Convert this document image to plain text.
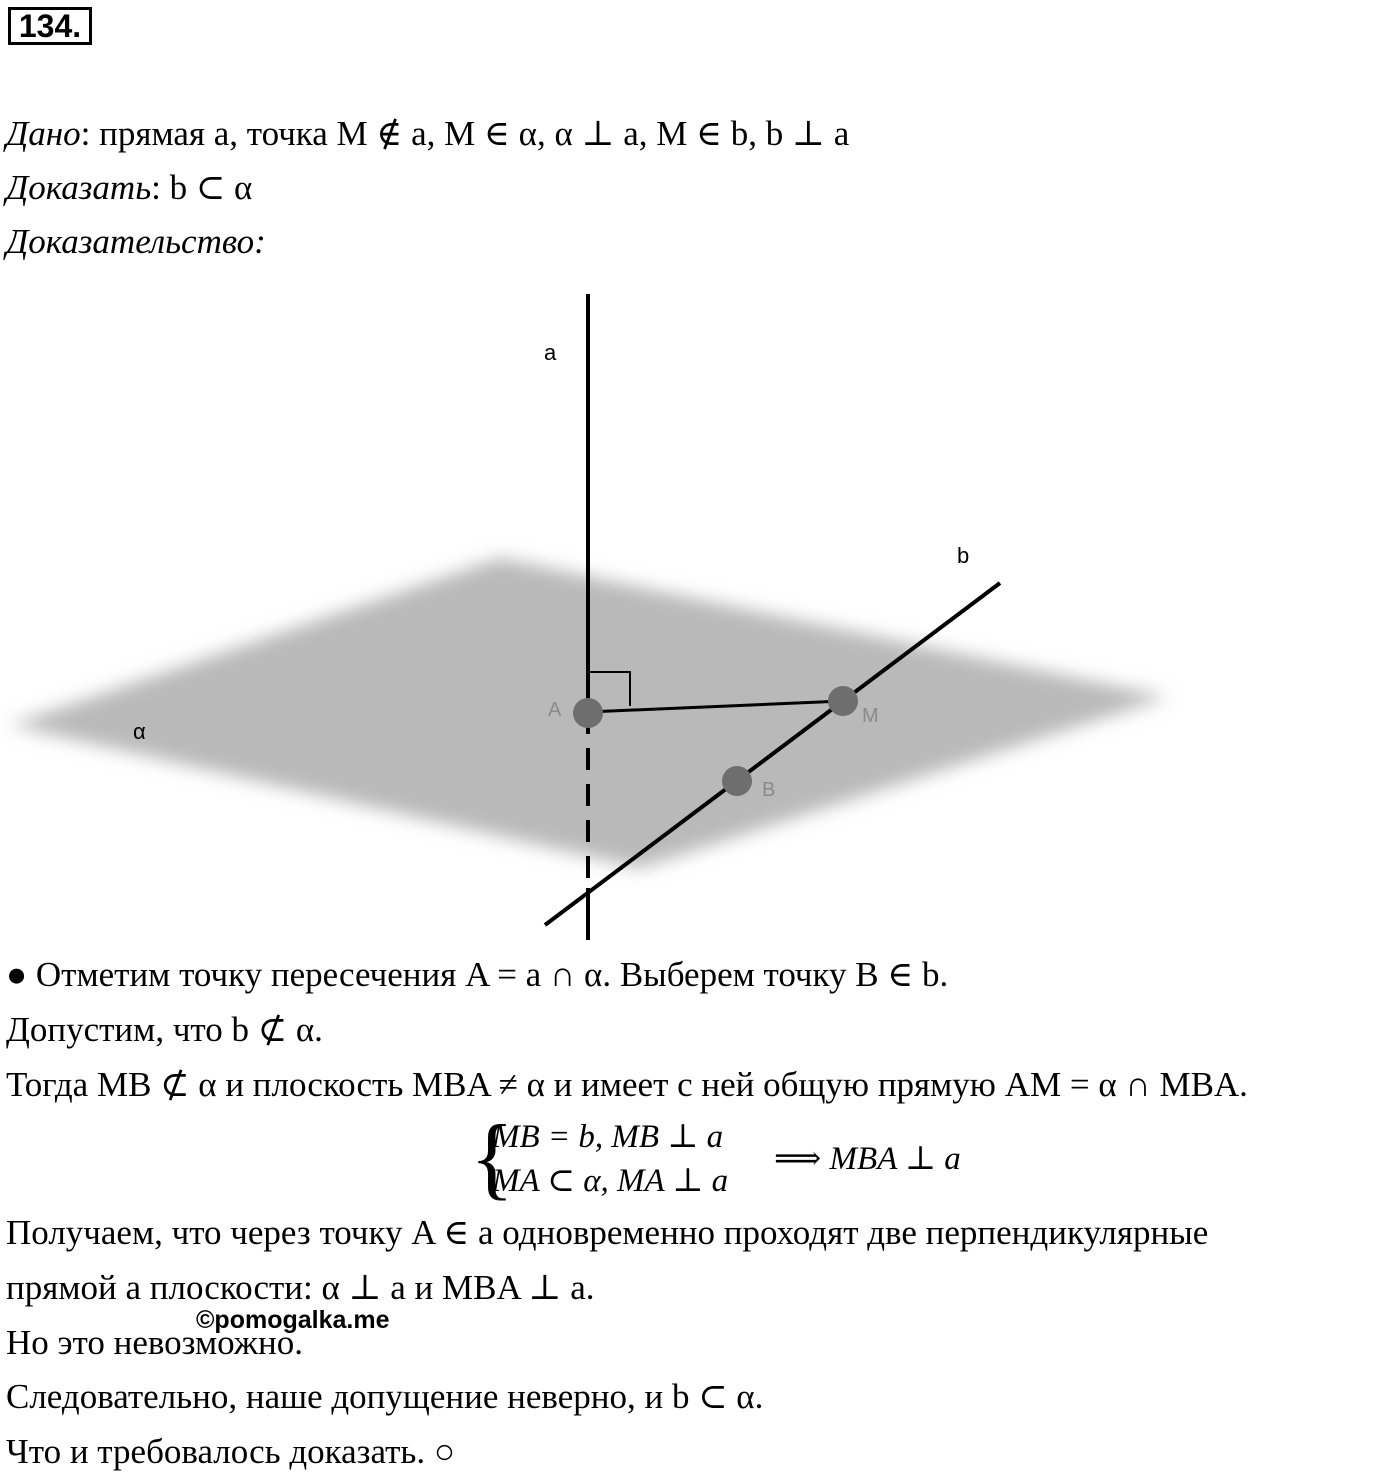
134.
Дано: прямая a, точка M ∉ a, M ∈ α, α ⊥ a, M ∈ b, b ⊥ a
Доказать: b ⊂ α
Доказательство:
a
b
α
A	M
B
● Отметим точку пересечения A = a ∩ α. Выберем точку B ∈ b.
Допустим, что b ⊄ α.
Тогда MB ⊄ α и плоскость MBA ≠ α и имеет с ней общую прямую AM = α ∩ MBA.
{
MB = b, MB ⊥ a
MA ⊂ α, MA ⊥ a
⟹ MBA ⊥ a
Получаем, что через точку A ∈ a одновременно проходят две перпендикулярные
прямой a плоскости: α ⊥ a и MBA ⊥ a.
Но это невозможно.
Следовательно, наше допущение неверно, и b ⊂ α.
Что и требовалось доказать. ○
©pomogalka.me
